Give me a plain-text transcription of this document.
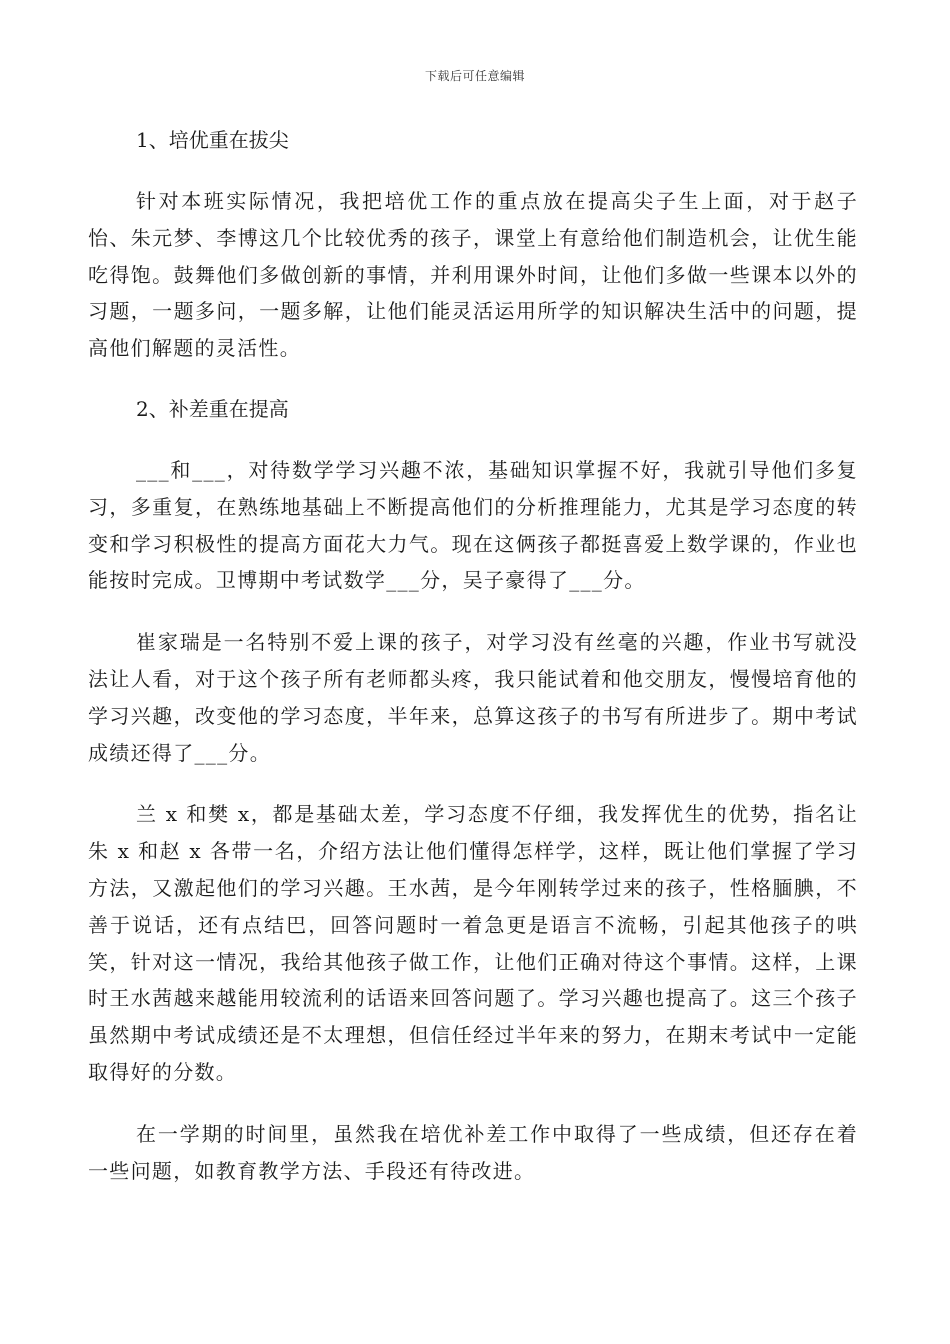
下载后可任意编辑

1、培优重在拔尖

针对本班实际情况，我把培优工作的重点放在提高尖子生上面，对于赵子怡、朱元梦、李博这几个比较优秀的孩子，课堂上有意给他们制造机会，让优生能吃得饱。鼓舞他们多做创新的事情，并利用课外时间，让他们多做一些课本以外的习题，一题多问，一题多解，让他们能灵活运用所学的知识解决生活中的问题，提高他们解题的灵活性。

2、补差重在提高

___和___，对待数学学习兴趣不浓，基础知识掌握不好，我就引导他们多复习，多重复，在熟练地基础上不断提高他们的分析推理能力，尤其是学习态度的转变和学习积极性的提高方面花大力气。现在这俩孩子都挺喜爱上数学课的，作业也能按时完成。卫博期中考试数学___分，吴子豪得了___分。

崔家瑞是一名特别不爱上课的孩子，对学习没有丝毫的兴趣，作业书写就没法让人看，对于这个孩子所有老师都头疼，我只能试着和他交朋友，慢慢培育他的学习兴趣，改变他的学习态度，半年来，总算这孩子的书写有所进步了。期中考试成绩还得了___分。

兰 x 和樊 x，都是基础太差，学习态度不仔细，我发挥优生的优势，指名让朱 x 和赵 x 各带一名，介绍方法让他们懂得怎样学，这样，既让他们掌握了学习方法，又激起他们的学习兴趣。王水茜，是今年刚转学过来的孩子，性格腼腆，不善于说话，还有点结巴，回答问题时一着急更是语言不流畅，引起其他孩子的哄笑，针对这一情况，我给其他孩子做工作，让他们正确对待这个事情。这样，上课时王水茜越来越能用较流利的话语来回答问题了。学习兴趣也提高了。这三个孩子虽然期中考试成绩还是不太理想，但信任经过半年来的努力，在期末考试中一定能取得好的分数。

在一学期的时间里，虽然我在培优补差工作中取得了一些成绩，但还存在着一些问题，如教育教学方法、手段还有待改进。
